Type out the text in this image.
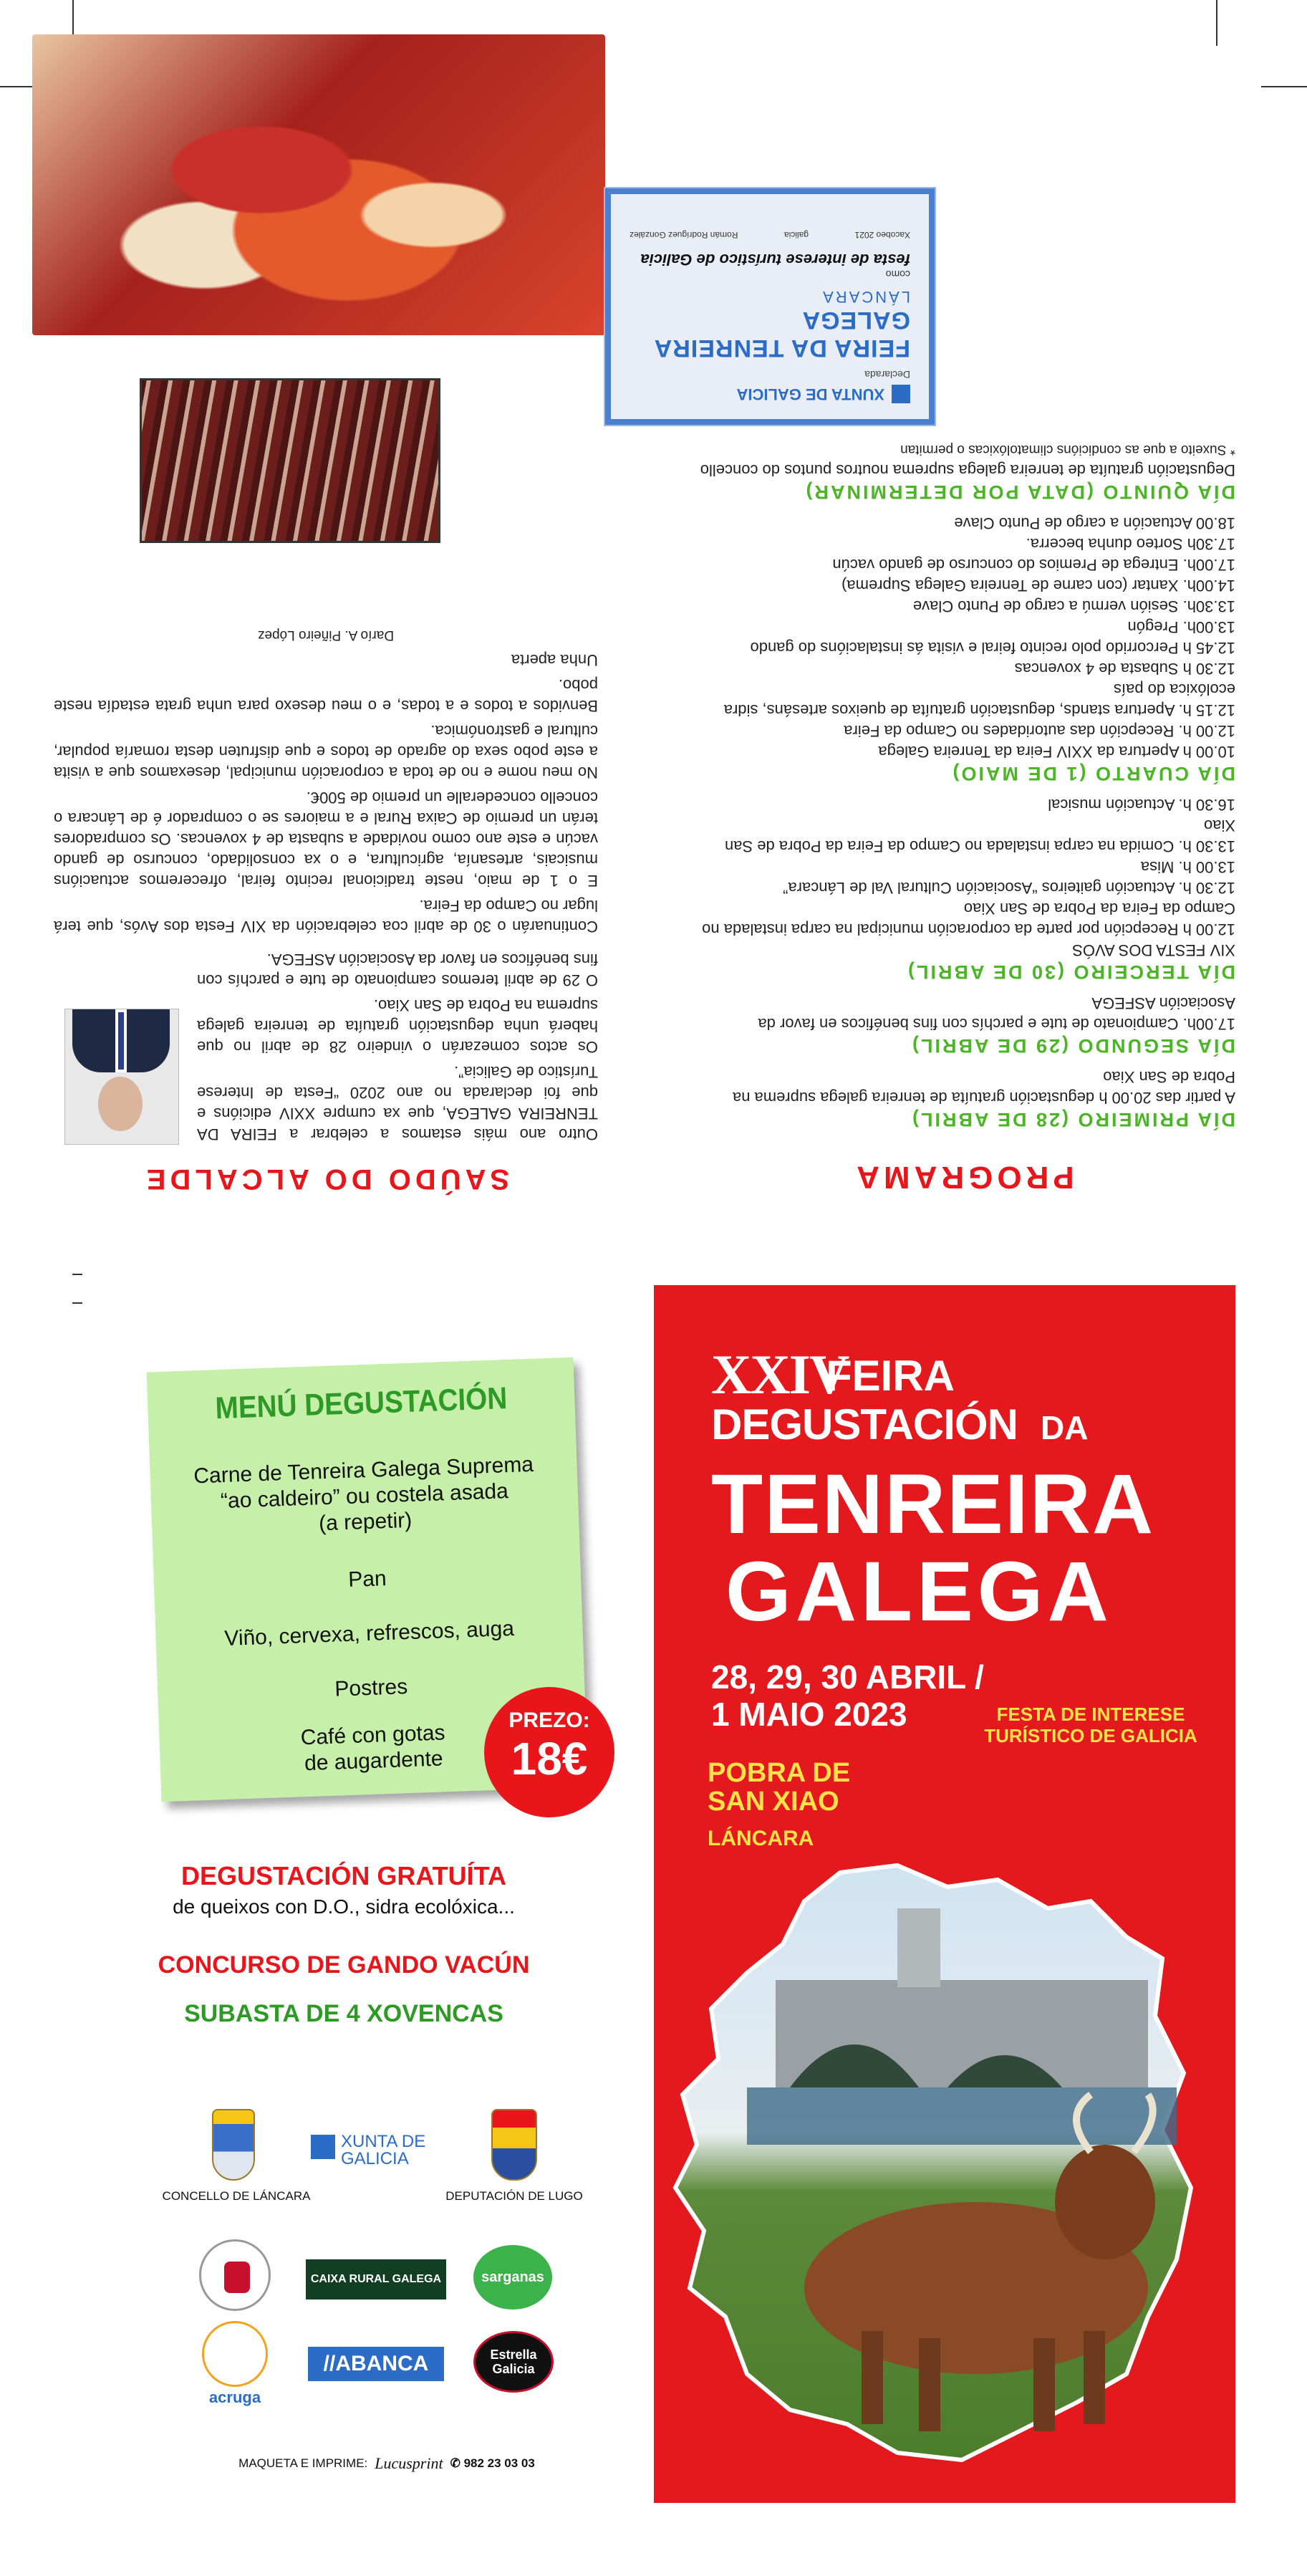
SAÚDO DO ALCALDE

Outro ano máis estamos a celebrar a FEIRA DA TENREIRA GALEGA, que xa cumpre XXIV edicións e que foi declarada no ano 2020 “Festa de Interese Turístico de Galicia”.

Os actos comezarán o vindeiro 28 de abril no que haberá unha degustación gratuíta de tenreira galega suprema na Pobra de San Xiao.

O 29 de abril teremos campionato de tute e parchís con fins benéficos en favor da Asociación ASFEGA.

Continuarán o 30 de abril coa celebración da XIV Festa dos Avós, que terá lugar no Campo da Feira.

E o 1 de maio, neste tradicional recinto feiral, ofreceremos actuacións musicais, artesanía, agricultura, e o xa consolidado, concurso de gando vacún e este ano como novidade a subasta de 4 xovencas. Os compradores terán un premio de Caixa Rural e a maiores se o comprador é de Láncara o concello concederalle un premio de 500€.

No meu nome e no de toda a corporación municipal, desexamos que a visita a este pobo sexa do agrado de todos e que disfruten desta romaría popular, cultural e gastronómica.

Benvidos a todos e a todas, e o meu desexo para unha grata estadía neste pobo.

Unha aperta

Darío A. Piñeiro López

PROGRAMA
DÍA PRIMEIRO (28 DE ABRIL)
A partir das 20.00 h degustación gratuíta de tenreira galega suprema na Pobra de San Xiao
DÍA SEGUNDO (29 DE ABRIL)
17.00h. Campionato de tute e parchís con fins benéficos en favor da Asociación ASFEGA
DÍA TERCEIRO (30 DE ABRIL)
XIV FESTA DOS AVÓS
12.00 h Recepción por parte da corporación municipal na carpa instalada no Campo da Feira da Pobra de San Xiao
12.30 h. Actuación gaiteiros “Asociación Cultural Val de Láncara”
13.00 h. Misa
13.30 h. Comida na carpa instalada no Campo da Feira da Pobra de San Xiao
16.30 h. Actuación musical
DÍA CUARTO (1 DE MAIO)
10.00 h Apertura da XXIV Feira da Tenreira Galega
12.00 h. Recepción das autoridades no Campo da Feira
12.15 h. Apertura stands, degustación gratuíta de queixos artesáns, sidra ecolóxica do país
12.30 h Subasta de 4 xovencas
12.45 h Percorrido polo recinto feiral e visita ás instalacións do gando
13.00h. Pregón
13.30h. Sesión vermú a cargo de Punto Clave
14.00h. Xantar (con carne de Tenreira Galega Suprema)
17.00h. Entrega de Premios do concurso de gando vacún
17.30h Sorteo dunha becerra.
18.00 Actuación a cargo de Punto Clave
DÍA QUINTO (DATA POR DETERMINAR)
Degustación gratuíta de tenreira galega suprema noutros puntos do concello
* Suxeito a que as condicións climatolóxicas o permitan
XUNTA DE GALICIA
Declarada
FEIRA DA TENREIRA GALEGA
LÁNCARA
como
festa de interese turístico de Galicia
Xacobeo 2021
galicia
Román Rodríguez González
MENÚ DEGUSTACIÓN
Carne de Tenreira Galega Suprema
“ao caldeiro” ou costela asada
(a repetir)
Pan
Viño, cervexa, refrescos, auga
Postres
Café con gotas
de augardente
PREZO:
18€
DEGUSTACIÓN GRATUÍTA
de queixos con D.O., sidra ecolóxica...
CONCURSO DE GANDO VACÚN
SUBASTA DE 4 XOVENCAS
CONCELLO DE LÁNCARA
XUNTA DE GALICIA
DEPUTACIÓN DE LUGO
CAIXA RURAL GALEGA	sarganas
acruga
//ABANCA	Estrella Galicia
MAQUETA E IMPRIME: Lucusprint ✆ 982 23 03 03
XXIV
FEIRA
DEGUSTACIÓN DA
TENREIRA
GALEGA
28, 29, 30 ABRIL /
1 MAIO 2023	FESTA DE INTERESE
TURÍSTICO DE GALICIA
POBRA DE
SAN XIAO
LÁNCARA
